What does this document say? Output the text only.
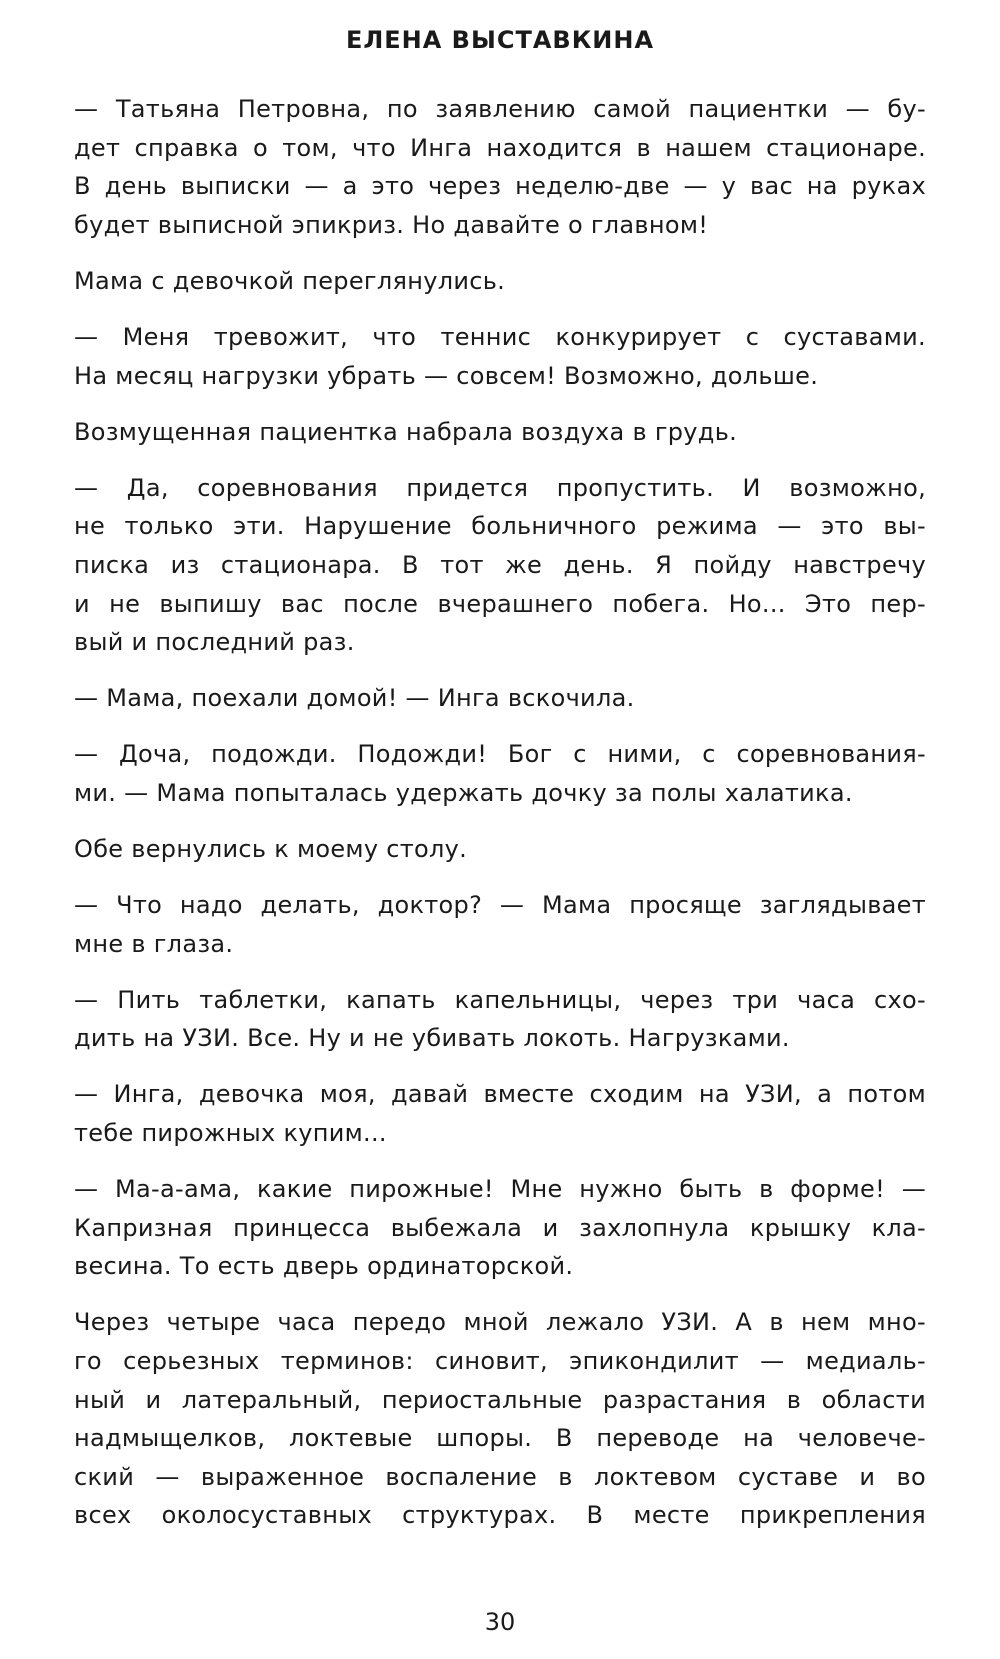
ЕЛЕНА ВЫСТАВКИНА
— Татьяна Петровна, по заявлению самой пациентки — бу-
дет справка о том, что Инга находится в нашем стационаре.
В день выписки — а это через неделю-две — у вас на руках
будет выписной эпикриз. Но давайте о главном!
Мама с девочкой переглянулись.
— Меня тревожит, что теннис конкурирует с суставами.
На месяц нагрузки убрать — совсем! Возможно, дольше.
Возмущенная пациентка набрала воздуха в грудь.
— Да, соревнования придется пропустить. И возможно,
не только эти. Нарушение больничного режима — это вы-
писка из стационара. В тот же день. Я пойду навстречу
и не выпишу вас после вчерашнего побега. Но... Это пер-
вый и последний раз.
— Мама, поехали домой! — Инга вскочила.
— Доча, подожди. Подожди! Бог с ними, с соревнования-
ми. — Мама попыталась удержать дочку за полы халатика.
Обе вернулись к моему столу.
— Что надо делать, доктор? — Мама просяще заглядывает
мне в глаза.
— Пить таблетки, капать капельницы, через три часа схо-
дить на УЗИ. Все. Ну и не убивать локоть. Нагрузками.
— Инга, девочка моя, давай вместе сходим на УЗИ, а потом
тебе пирожных купим...
— Ма-а-ама, какие пирожные! Мне нужно быть в форме! —
Капризная принцесса выбежала и захлопнула крышку кла-
весина. То есть дверь ординаторской.
Через четыре часа передо мной лежало УЗИ. А в нем мно-
го серьезных терминов: синовит, эпикондилит — медиаль-
ный и латеральный, периостальные разрастания в области
надмыщелков, локтевые шпоры. В переводе на человече-
ский — выраженное воспаление в локтевом суставе и во
всех околосуставных структурах. В месте прикрепления
30
